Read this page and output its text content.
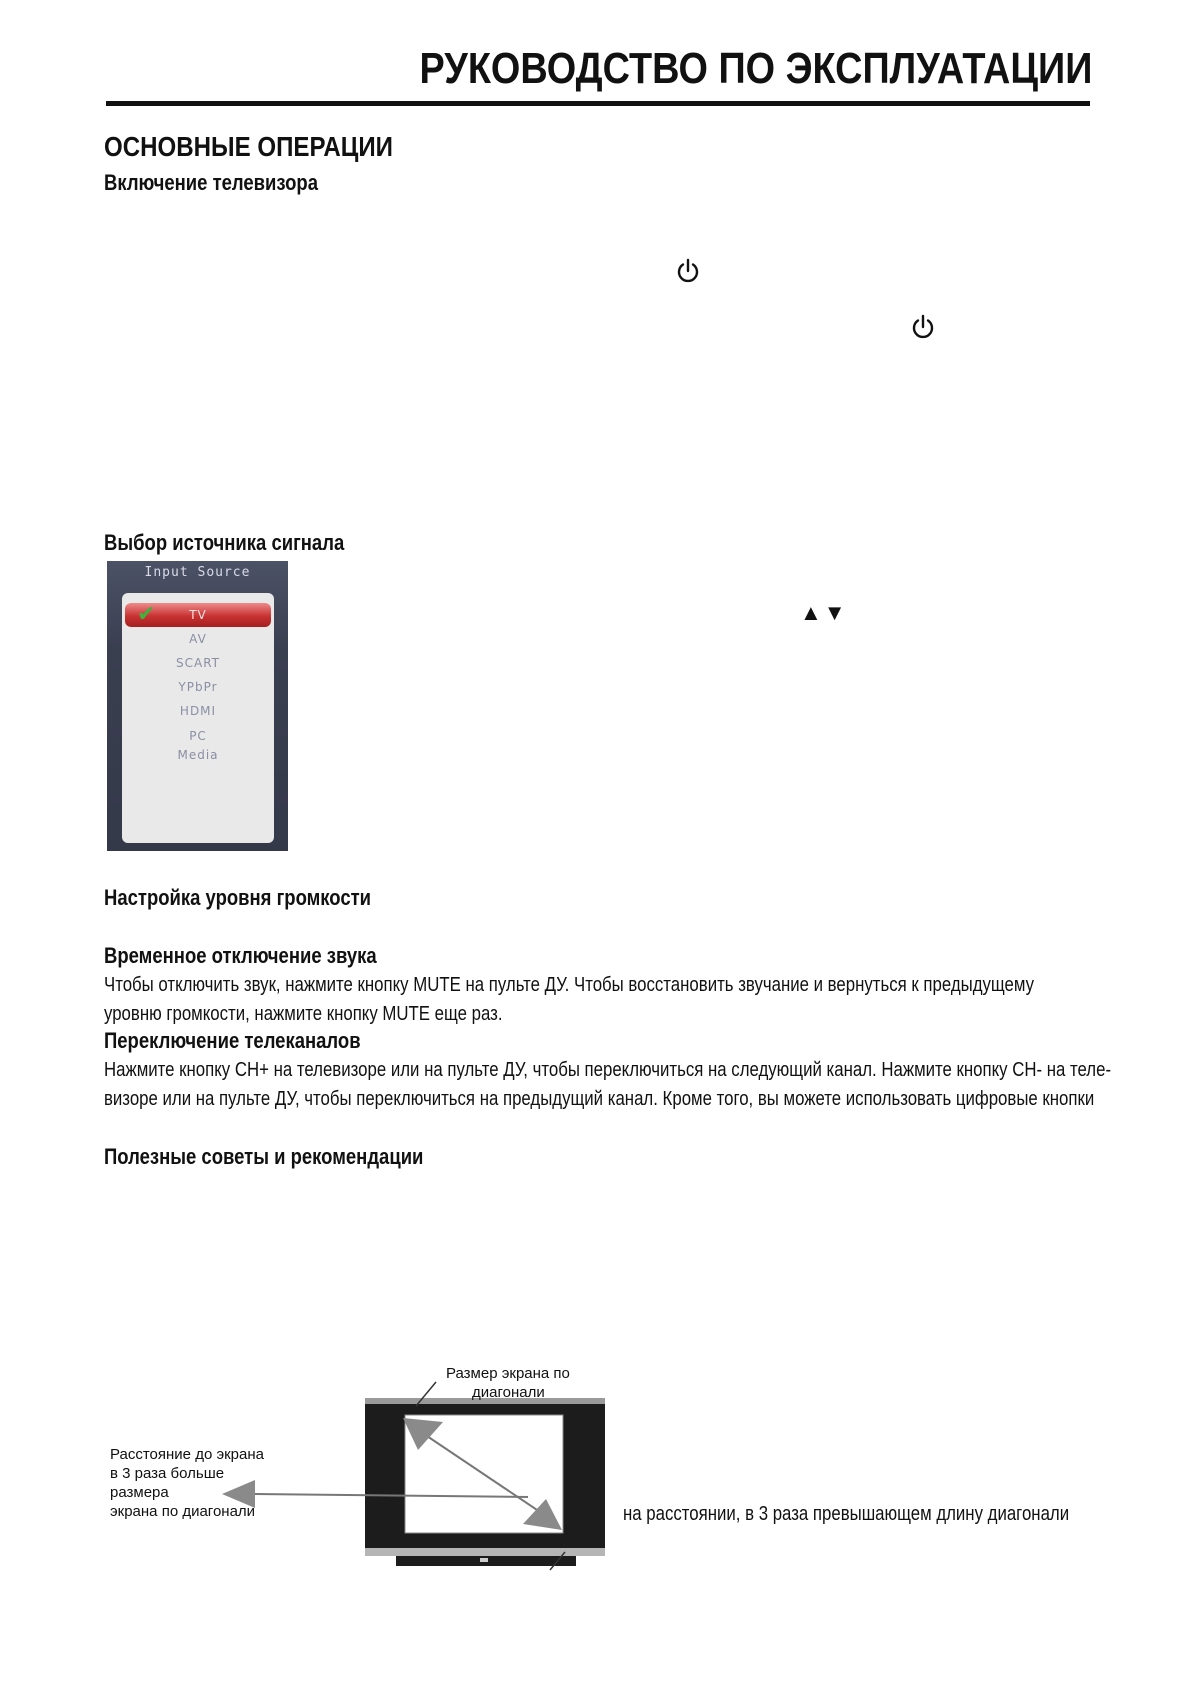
РУКОВОДСТВО ПО ЭКСПЛУАТАЦИИ
ОСНОВНЫЕ ОПЕРАЦИИ
Включение телевизора
Выбор источника сигнала
Input Source
✔	TV
AV
SCART
YPbPr
HDMI
PC
Media
▲▼
Настройка уровня громкости
Временное отключение звука

Чтобы отключить звук, нажмите кнопку MUTE на пульте ДУ. Чтобы восстановить звучание и вернуться к предыдущему

уровню громкости, нажмите кнопку MUTE еще раз.

Переключение телеканалов

Нажмите кнопку CH+ на телевизоре или на пульте ДУ, чтобы переключиться на следующий канал. Нажмите кнопку CH- на теле-

визоре или на пульте ДУ, чтобы переключиться на предыдущий канал. Кроме того, вы можете использовать цифровые кнопки

Полезные советы и рекомендации
Размер экрана по
диагонали
Расстояние до экрана
в 3 раза больше
размера
экрана по диагонали	на расстоянии, в 3 раза превышающем длину диагонали
